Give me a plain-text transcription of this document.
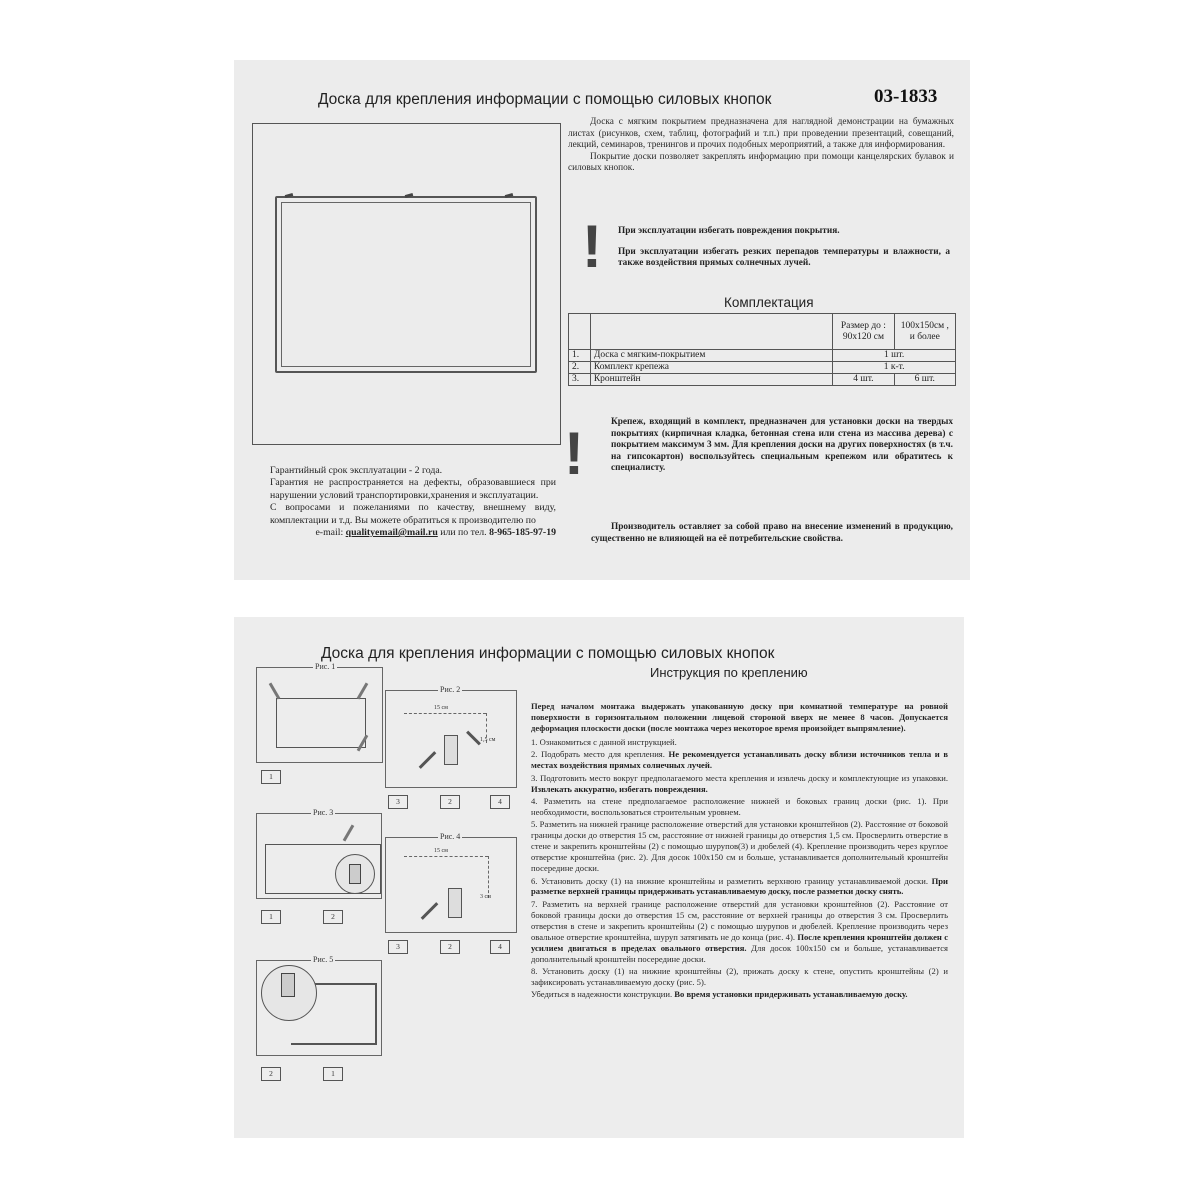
Доска для крепления информации с помощью силовых кнопок	03-1833

Доска с мягким покрытием предназначена для наглядной демонстрации на бумажных листах (рисунков, схем, таблиц, фотографий и т.п.) при проведении презентаций, совещаний, лекций, семинаров, тренингов и прочих подобных мероприятий, а также для информирования.

Покрытие доски позволяет закреплять информацию при помощи канцелярских булавок и силовых кнопок.

! При эксплуатации избегать повреждения покрытия.

При эксплуатации избегать резких перепадов температуры и влажности, а также воздействия прямых солнечных лучей.

Комплектация
		Размер до : 90х120 см	100х150см , и более
1.	Доска с мягким-покрытием	1 шт.	
2.	Комплект крепежа	1 к-т.	
3.	Кронштейн	4 шт.	6 шт.
!	Крепеж, входящий в комплект, предназначен для установки доски на твердых покрытиях (кирпичная кладка, бетонная стена или стена из массива дерева) с покрытием максимум 3 мм. Для крепления доски на других поверхностях (в т.ч. на гипсокартон) воспользуйтесь специальным крепежом или обратитесь к специалисту.

Производитель оставляет за собой право на внесение изменений в продукцию, существенно не влияющей на её потребительские свойства.

Гарантийный срок эксплуатации - 2 года.
Гарантия не распространяется на дефекты, образовавшиеся при нарушении условий транспортировки,хранения и эксплуатации.
С вопросами и пожеланиями по качеству, внешнему виду, комплектации и т.д. Вы можете обратиться к производителю по
e-mail: qualityemail@mail.ru или по тел. 8-965-185-97-19
Доска для крепления информации с помощью силовых кнопок
Инструкция по креплению
Рис. 1
1
Рис. 2
15 см
1,5 см
3	2	4
Рис. 3
1	2
Рис. 4
15 см
3 см
3	2	4
Рис. 5
2	1

Перед началом монтажа выдержать упакованную доску при комнатной температуре на ровной поверхности в горизонтальном положении лицевой стороной вверх не менее 8 часов. Допускается деформация плоскости доски (после монтажа через некоторое время произойдет выпрямление).

1. Ознакомиться с данной инструкцией.

2. Подобрать место для крепления. Не рекомендуется устанавливать доску вблизи источников тепла и в местах воздействия прямых солнечных лучей.

3. Подготовить место вокруг предполагаемого места крепления и извлечь доску и комплектующие из упаковки. Извлекать аккуратно, избегать повреждения.

4. Разметить на стене предполагаемое расположение нижней и боковых границ доски (рис. 1). При необходимости, воспользоваться строительным уровнем.

5. Разметить на нижней границе расположение отверстий для установки кронштейнов (2). Расстояние от боковой границы доски до отверстия 15 см, расстояние от нижней границы до отверстия 1,5 см. Просверлить отверстие в стене и закрепить кронштейны (2) с помощью шурупов(3) и дюбелей (4). Крепление производить через круглое отверстие кронштейна (рис. 2). Для досок 100х150 см и больше, устанавливается дополнительный кронштейн посередине доски.

6. Установить доску (1) на нижние кронштейны и разметить верхнюю границу устанавливаемой доски. При разметке верхней границы придерживать устанавливаемую доску, после разметки доску снять.

7. Разметить на верхней границе расположение отверстий для установки кронштейнов (2). Расстояние от боковой границы доски до отверстия 15 см, расстояние от верхней границы до отверстия 3 см. Просверлить отверстия в стене и закрепить кронштейны (2) с помощью шурупов и дюбелей. Крепление производить через овальное отверстие кронштейна, шуруп затягивать не до конца (рис. 4). После крепления кронштейн должен с усилием двигаться в пределах овального отверстия. Для досок 100х150 см и больше, устанавливается дополнительный кронштейн посередине доски.

8. Установить доску (1) на нижние кронштейны (2), прижать доску к стене, опустить кронштейны (2) и зафиксировать устанавливаемую доску (рис. 5).

Убедиться в надежности конструкции. Во время установки придерживать устанавливаемую доску.
